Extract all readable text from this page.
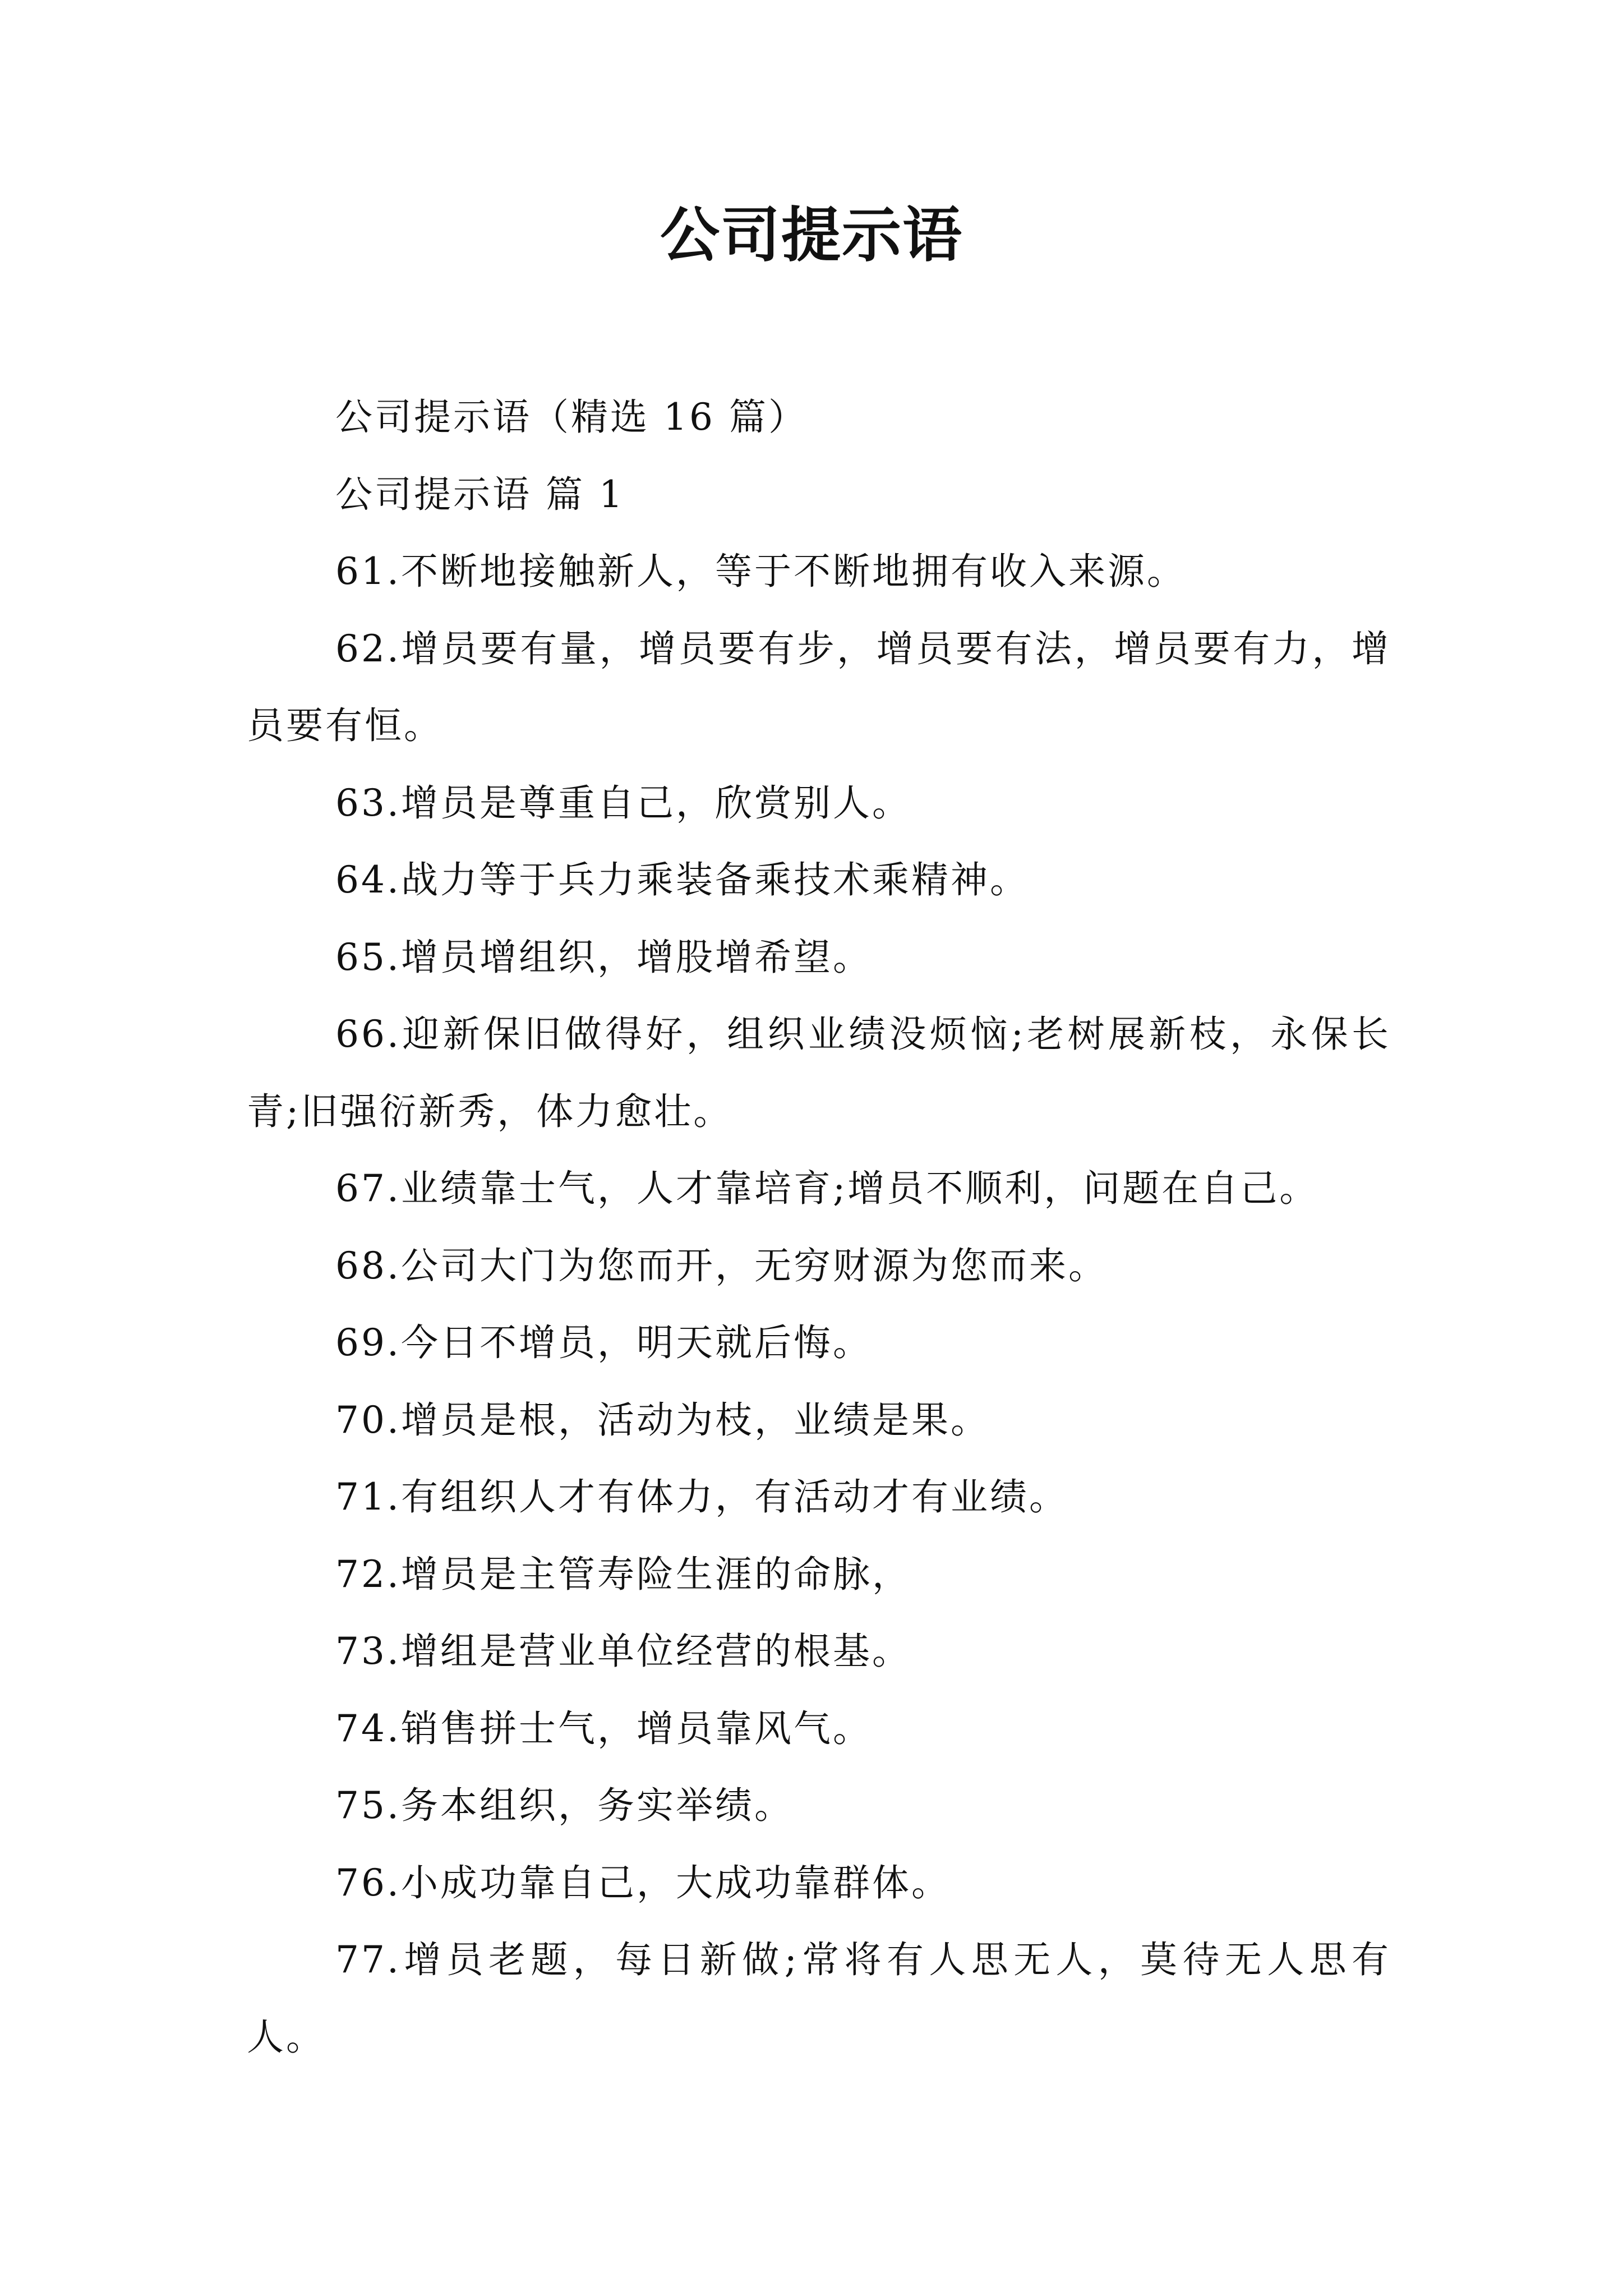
公司提示语

公司提示语（精选 16 篇）

公司提示语 篇 1

61.不断地接触新人，等于不断地拥有收入来源。

62.增员要有量，增员要有步，增员要有法，增员要有力，增员要有恒。

63.增员是尊重自己，欣赏别人。

64.战力等于兵力乘装备乘技术乘精神。

65.增员增组织，增股增希望。

66.迎新保旧做得好，组织业绩没烦恼;老树展新枝，永保长青;旧强衍新秀，体力愈壮。

67.业绩靠士气，人才靠培育;增员不顺利，问题在自己。

68.公司大门为您而开，无穷财源为您而来。

69.今日不增员，明天就后悔。

70.增员是根，活动为枝，业绩是果。

71.有组织人才有体力，有活动才有业绩。

72.增员是主管寿险生涯的命脉，

73.增组是营业单位经营的根基。

74.销售拼士气，增员靠风气。

75.务本组织，务实举绩。

76.小成功靠自己，大成功靠群体。

77.增员老题，每日新做;常将有人思无人，莫待无人思有人。
